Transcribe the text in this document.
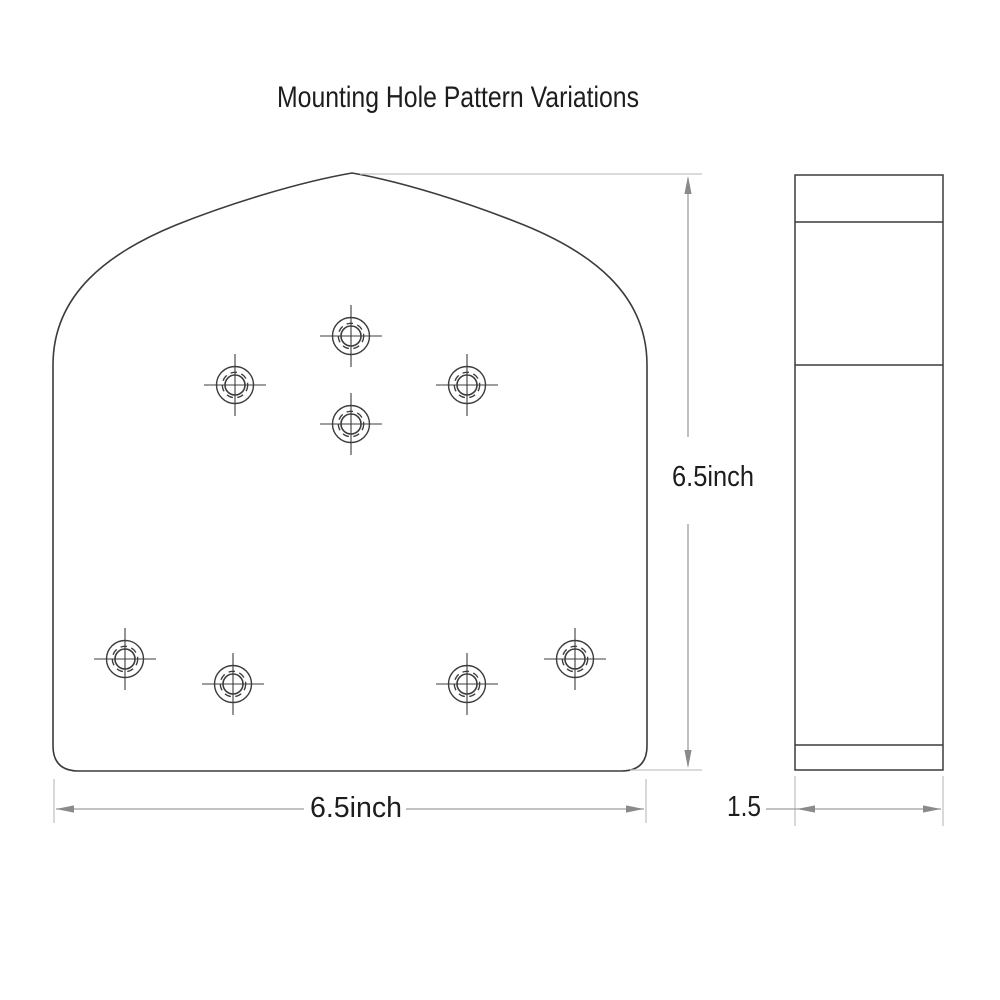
Mounting Hole Pattern Variations
6.5inch
6.5inch	1.5
